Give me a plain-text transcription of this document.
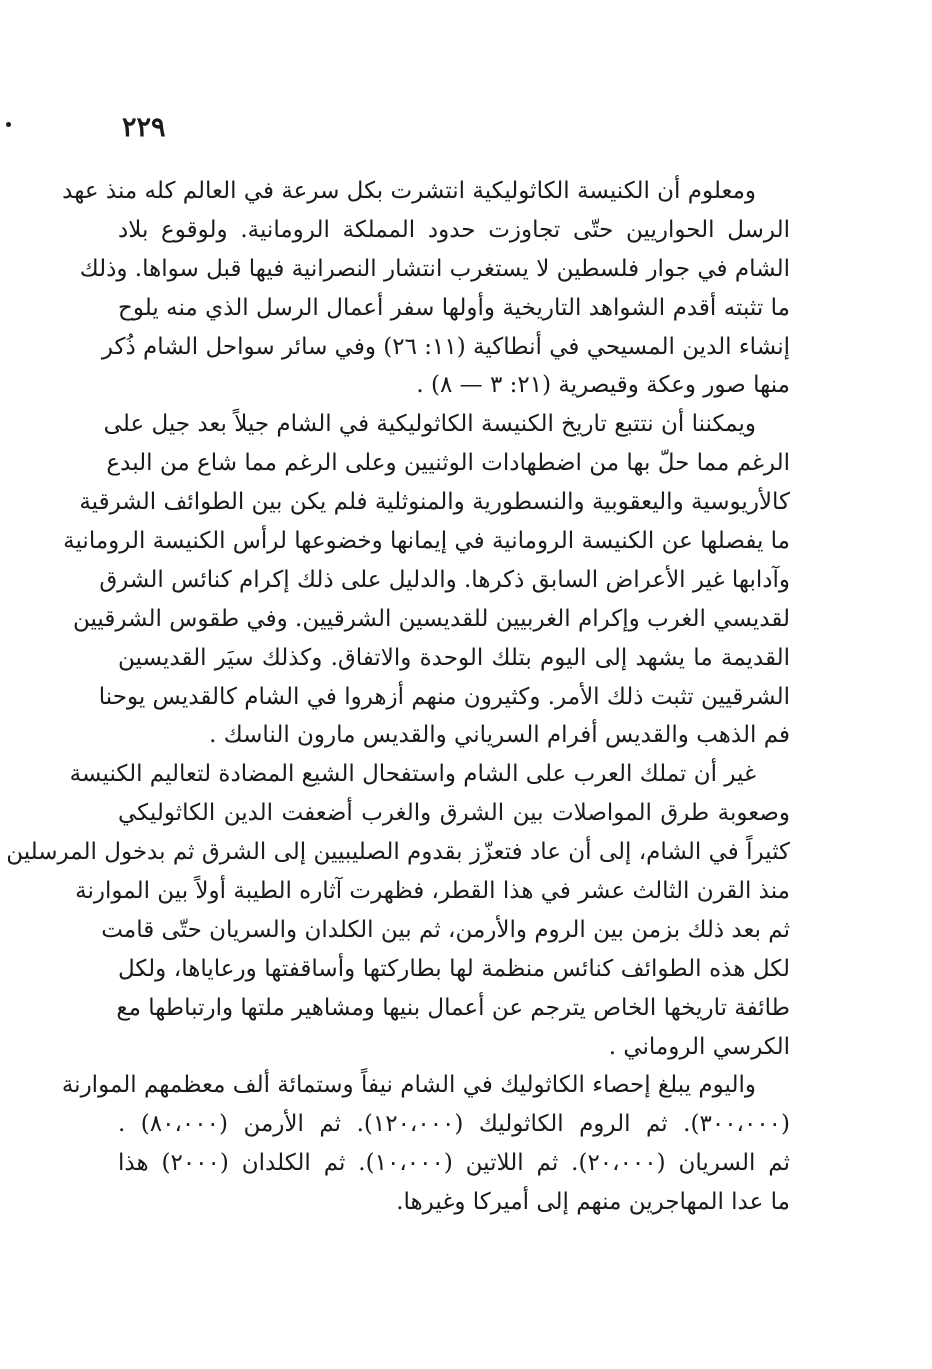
٢٢٩
ومعلوم أن الكنيسة الكاثوليكية انتشرت بكل سرعة في العالم كله منذ عهد
الرسل الحواريين حتّى تجاوزت حدود المملكة الرومانية. ولوقوع بلاد
الشام في جوار فلسطين لا يستغرب انتشار النصرانية فيها قبل سواها. وذلك
ما تثبته أقدم الشواهد التاريخية وأولها سفر أعمال الرسل الذي منه يلوح
إنشاء الدين المسيحي في أنطاكية (١١: ٢٦) وفي سائر سواحل الشام ذُكر
منها صور وعكة وقيصرية (٢١: ٣ — ٨) .
ويمكننا أن نتتبع تاريخ الكنيسة الكاثوليكية في الشام جيلاً بعد جيل على
الرغم مما حلّ بها من اضطهادات الوثنيين وعلى الرغم مما شاع من البدع
كالأريوسية واليعقوبية والنسطورية والمنوثلية فلم يكن بين الطوائف الشرقية
ما يفصلها عن الكنيسة الرومانية في إيمانها وخضوعها لرأس الكنيسة الرومانية
وآدابها غير الأعراض السابق ذكرها. والدليل على ذلك إكرام كنائس الشرق
لقديسي الغرب وإكرام الغربيين للقديسين الشرقيين. وفي طقوس الشرقيين
القديمة ما يشهد إلى اليوم بتلك الوحدة والاتفاق. وكذلك سيَر القديسين
الشرقيين تثبت ذلك الأمر. وكثيرون منهم أزهروا في الشام كالقديس يوحنا
فم الذهب والقديس أفرام السرياني والقديس مارون الناسك .
غير أن تملك العرب على الشام واستفحال الشيع المضادة لتعاليم الكنيسة
وصعوبة طرق المواصلات بين الشرق والغرب أضعفت الدين الكاثوليكي
كثيراً في الشام، إلى أن عاد فتعزّز بقدوم الصليبيين إلى الشرق ثم بدخول المرسلين
منذ القرن الثالث عشر في هذا القطر، فظهرت آثاره الطيبة أولاً بين الموارنة
ثم بعد ذلك بزمن بين الروم والأرمن، ثم بين الكلدان والسريان حتّى قامت
لكل هذه الطوائف كنائس منظمة لها بطاركتها وأساقفتها ورعاياها، ولكل
طائفة تاريخها الخاص يترجم عن أعمال بنيها ومشاهير ملتها وارتباطها مع
الكرسي الروماني .
واليوم يبلغ إحصاء الكاثوليك في الشام نيفاً وستمائة ألف معظمهم الموارنة
(٣٠٠،٠٠٠). ثم الروم الكاثوليك (١٢٠،٠٠٠). ثم الأرمن (٨٠،٠٠٠) .
ثم السريان (٢٠،٠٠٠). ثم اللاتين (١٠،٠٠٠). ثم الكلدان (٢٠٠٠) هذا
ما عدا المهاجرين منهم إلى أميركا وغيرها.
